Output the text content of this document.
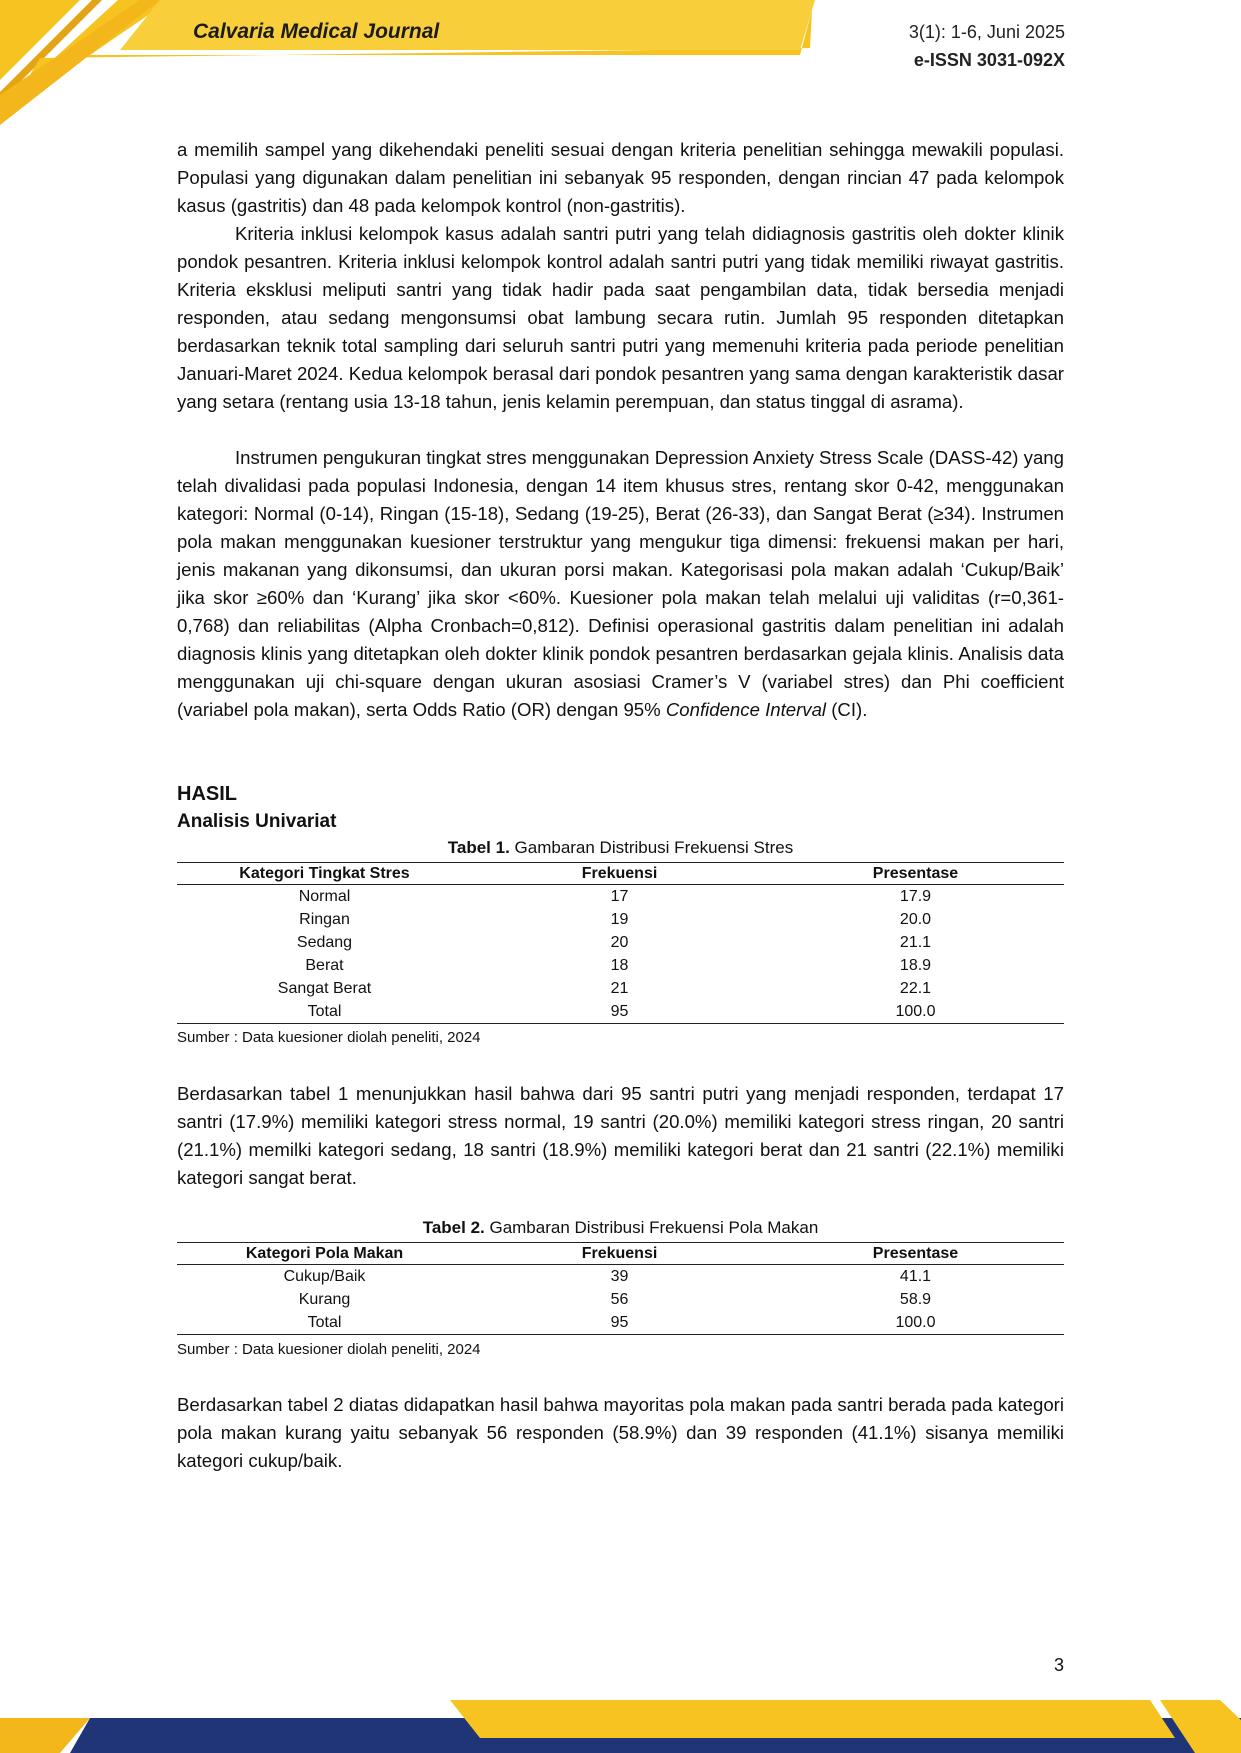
Calvaria Medical Journal	3(1): 1-6, Juni 2025
e-ISSN 3031-092X

a memilih sampel yang dikehendaki peneliti sesuai dengan kriteria penelitian sehingga mewakili populasi. Populasi yang digunakan dalam penelitian ini sebanyak 95 responden, dengan rincian 47 pada kelompok kasus (gastritis) dan 48 pada kelompok kontrol (non-gastritis).

Kriteria inklusi kelompok kasus adalah santri putri yang telah didiagnosis gastritis oleh dokter klinik pondok pesantren. Kriteria inklusi kelompok kontrol adalah santri putri yang tidak memiliki riwayat gastritis. Kriteria eksklusi meliputi santri yang tidak hadir pada saat pengambilan data, tidak bersedia menjadi responden, atau sedang mengonsumsi obat lambung secara rutin. Jumlah 95 responden ditetapkan berdasarkan teknik total sampling dari seluruh santri putri yang memenuhi kriteria pada periode penelitian Januari-Maret 2024. Kedua kelompok berasal dari pondok pesantren yang sama dengan karakteristik dasar yang setara (rentang usia 13-18 tahun, jenis kelamin perempuan, dan status tinggal di asrama).

Instrumen pengukuran tingkat stres menggunakan Depression Anxiety Stress Scale (DASS-42) yang telah divalidasi pada populasi Indonesia, dengan 14 item khusus stres, rentang skor 0-42, menggunakan kategori: Normal (0-14), Ringan (15-18), Sedang (19-25), Berat (26-33), dan Sangat Berat (≥34). Instrumen pola makan menggunakan kuesioner terstruktur yang mengukur tiga dimensi: frekuensi makan per hari, jenis makanan yang dikonsumsi, dan ukuran porsi makan. Kategorisasi pola makan adalah ‘Cukup/Baik’ jika skor ≥60% dan ‘Kurang’ jika skor <60%. Kuesioner pola makan telah melalui uji validitas (r=0,361-0,768) dan reliabilitas (Alpha Cronbach=0,812). Definisi operasional gastritis dalam penelitian ini adalah diagnosis klinis yang ditetapkan oleh dokter klinik pondok pesantren berdasarkan gejala klinis. Analisis data menggunakan uji chi-square dengan ukuran asosiasi Cramer’s V (variabel stres) dan Phi coefficient (variabel pola makan), serta Odds Ratio (OR) dengan 95% Confidence Interval (CI).

HASIL
Analisis Univariat
Tabel 1. Gambaran Distribusi Frekuensi Stres
Kategori Tingkat Stres	Frekuensi	Presentase
Normal	17	17.9
Ringan	19	20.0
Sedang	20	21.1
Berat	18	18.9
Sangat Berat	21	22.1
Total	95	100.0
Sumber : Data kuesioner diolah peneliti, 2024

Berdasarkan tabel 1 menunjukkan hasil bahwa dari 95 santri putri yang menjadi responden, terdapat 17 santri (17.9%) memiliki kategori stress normal, 19 santri (20.0%) memiliki kategori stress ringan, 20 santri (21.1%) memilki kategori sedang, 18 santri (18.9%) memiliki kategori berat dan 21 santri (22.1%) memiliki kategori sangat berat.

Tabel 2. Gambaran Distribusi Frekuensi Pola Makan
Kategori Pola Makan	Frekuensi	Presentase
Cukup/Baik	39	41.1
Kurang	56	58.9
Total	95	100.0
Sumber : Data kuesioner diolah peneliti, 2024

Berdasarkan tabel 2 diatas didapatkan hasil bahwa mayoritas pola makan pada santri berada pada kategori pola makan kurang yaitu sebanyak 56 responden (58.9%) dan 39 responden (41.1%) sisanya memiliki kategori cukup/baik.

3
